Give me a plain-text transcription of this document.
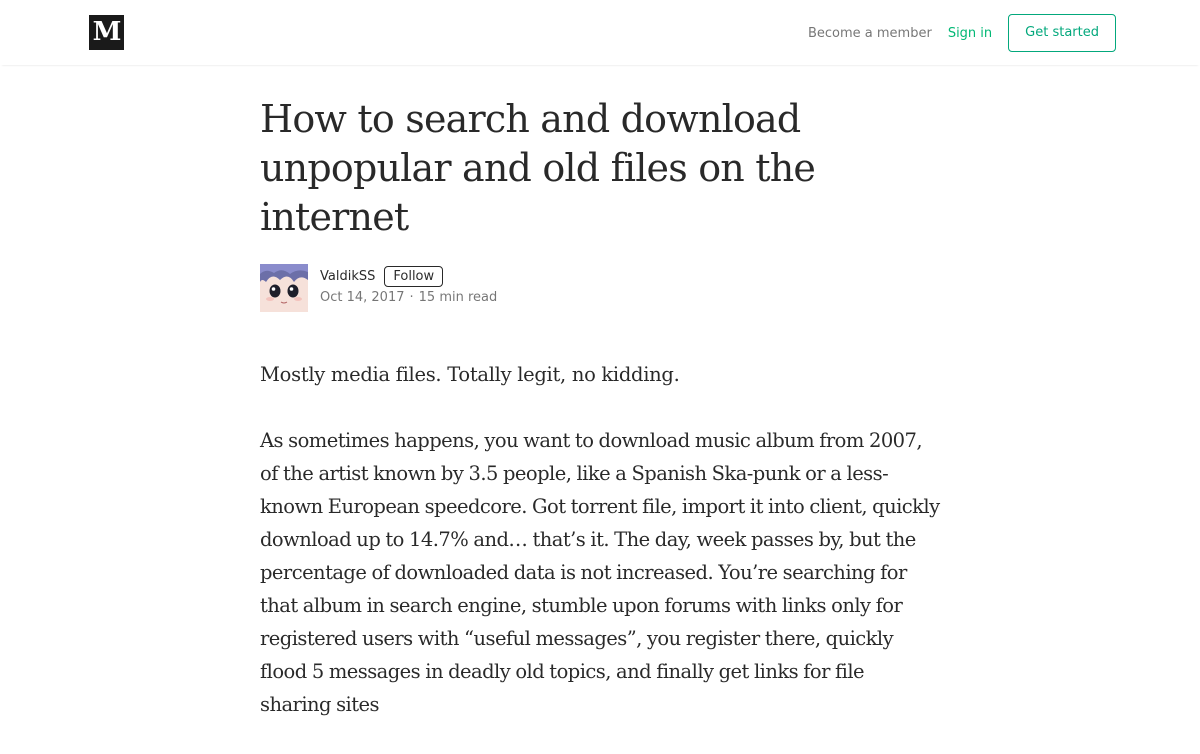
M	Become a member Sign in	Get started
How to search and download unpopular and old files on the internet
ValdikSS	Follow
Oct 14, 2017 · 15 min read

Mostly media files. Totally legit, no kidding.

As sometimes happens, you want to download music album from 2007, of the artist known by 3.5 people, like a Spanish Ska-punk or a less-known European speedcore. Got torrent file, import it into client, quickly download up to 14.7% and… that’s it. The day, week passes by, but the percentage of downloaded data is not increased. You’re searching for that album in search engine, stumble upon forums with links only for registered users with “useful messages”, you register there, quickly flood 5 messages in deadly old topics, and finally get links for file sharing sites
